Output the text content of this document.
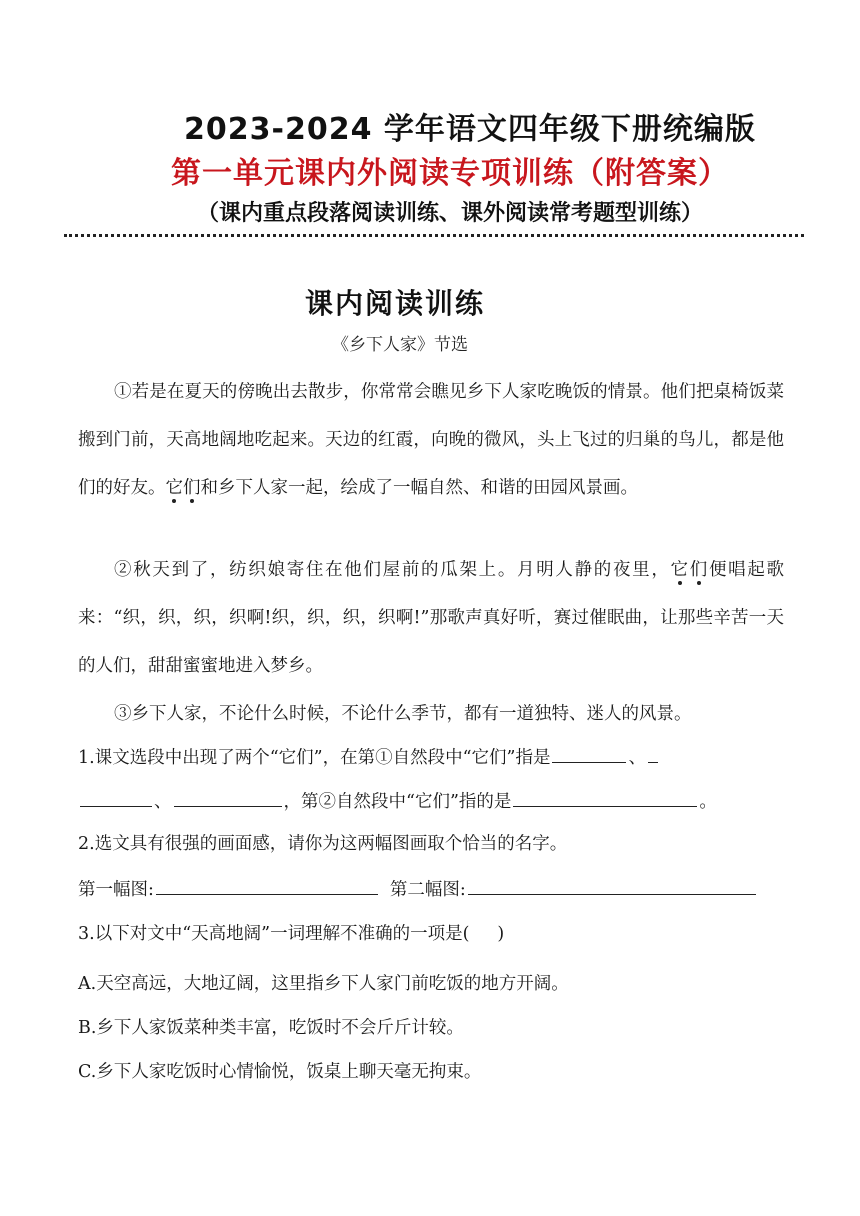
2023-2024 学年语文四年级下册统编版
第一单元课内外阅读专项训练（附答案）
（课内重点段落阅读训练、课外阅读常考题型训练）
课内阅读训练
《乡下人家》节选
①若是在夏天的傍晚出去散步，你常常会瞧见乡下人家吃晚饭的情景。他们把桌椅饭菜搬到门前，天高地阔地吃起来。天边的红霞，向晚的微风，头上飞过的归巢的鸟儿，都是他们的好友。它们和乡下人家一起，绘成了一幅自然、和谐的田园风景画。
②秋天到了，纺织娘寄住在他们屋前的瓜架上。月明人静的夜里，它们便唱起歌来：“织，织，织，织啊!织，织，织，织啊!”那歌声真好听，赛过催眠曲，让那些辛苦一天的人们，甜甜蜜蜜地进入梦乡。
③乡下人家，不论什么时候，不论什么季节，都有一道独特、迷人的风景。
1.课文选段中出现了两个“它们”，在第①自然段中“它们”指是	、
、	，第②自然段中“它们”指的是	。
2.选文具有很强的画面感，请你为这两幅图画取个恰当的名字。
第一幅图:	第二幅图:
3.以下对文中“天高地阔”一词理解不准确的一项是( )
A.天空高远，大地辽阔，这里指乡下人家门前吃饭的地方开阔。
B.乡下人家饭菜种类丰富，吃饭时不会斤斤计较。
C.乡下人家吃饭时心情愉悦，饭桌上聊天毫无拘束。
